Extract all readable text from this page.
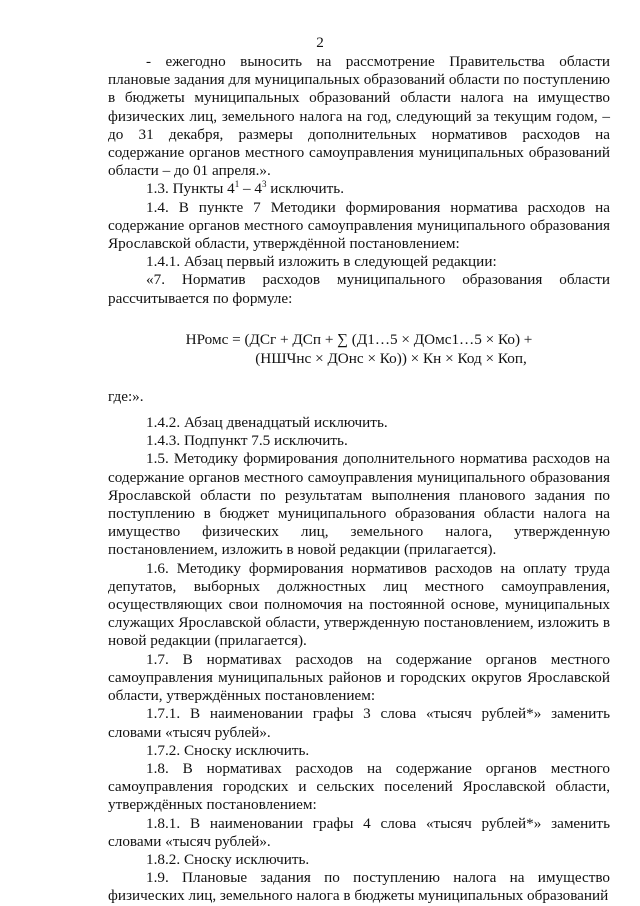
2

- ежегодно выносить на рассмотрение Правительства области плановые задания для муниципальных образований области по поступлению в бюджеты муниципальных образований области налога на имущество физических лиц, земельного налога на год, следующий за текущим годом, – до 31 декабря, размеры дополнительных нормативов расходов на содержание органов местного самоуправления муниципальных образований области – до 01 апреля.».

1.3. Пункты $4^1 - 4^3$ исключить.

1.4. В пункте 7 Методики формирования норматива расходов на содержание органов местного самоуправления муниципального образования Ярославской области, утверждённой постановлением:

1.4.1. Абзац первый изложить в следующей редакции:

«7. Норматив расходов муниципального образования области рассчитывается по формуле:

НРомс = (ДСг + ДСп + ∑ (Д1…5 × ДОмс1…5 × Ко) +
(НШЧнс × ДОнс × Ко)) × Кн × Код × Коп,

где:».

1.4.2. Абзац двенадцатый исключить.

1.4.3. Подпункт 7.5 исключить.

1.5. Методику формирования дополнительного норматива расходов на содержание органов местного самоуправления муниципального образования Ярославской области по результатам выполнения планового задания по поступлению в бюджет муниципального образования области налога на имущество физических лиц, земельного налога, утвержденную постановлением, изложить в новой редакции (прилагается).

1.6. Методику формирования нормативов расходов на оплату труда депутатов, выборных должностных лиц местного самоуправления, осуществляющих свои полномочия на постоянной основе, муниципальных служащих Ярославской области, утвержденную постановлением, изложить в новой редакции (прилагается).

1.7. В нормативах расходов на содержание органов местного самоуправления муниципальных районов и городских округов Ярославской области, утверждённых постановлением:

1.7.1. В наименовании графы 3 слова «тысяч рублей*» заменить словами «тысяч рублей».

1.7.2. Сноску исключить.

1.8. В нормативах расходов на содержание органов местного самоуправления городских и сельских поселений Ярославской области, утверждённых постановлением:

1.8.1. В наименовании графы 4 слова «тысяч рублей*» заменить словами «тысяч рублей».

1.8.2. Сноску исключить.

1.9. Плановые задания по поступлению налога на имущество физических лиц, земельного налога в бюджеты муниципальных образований
